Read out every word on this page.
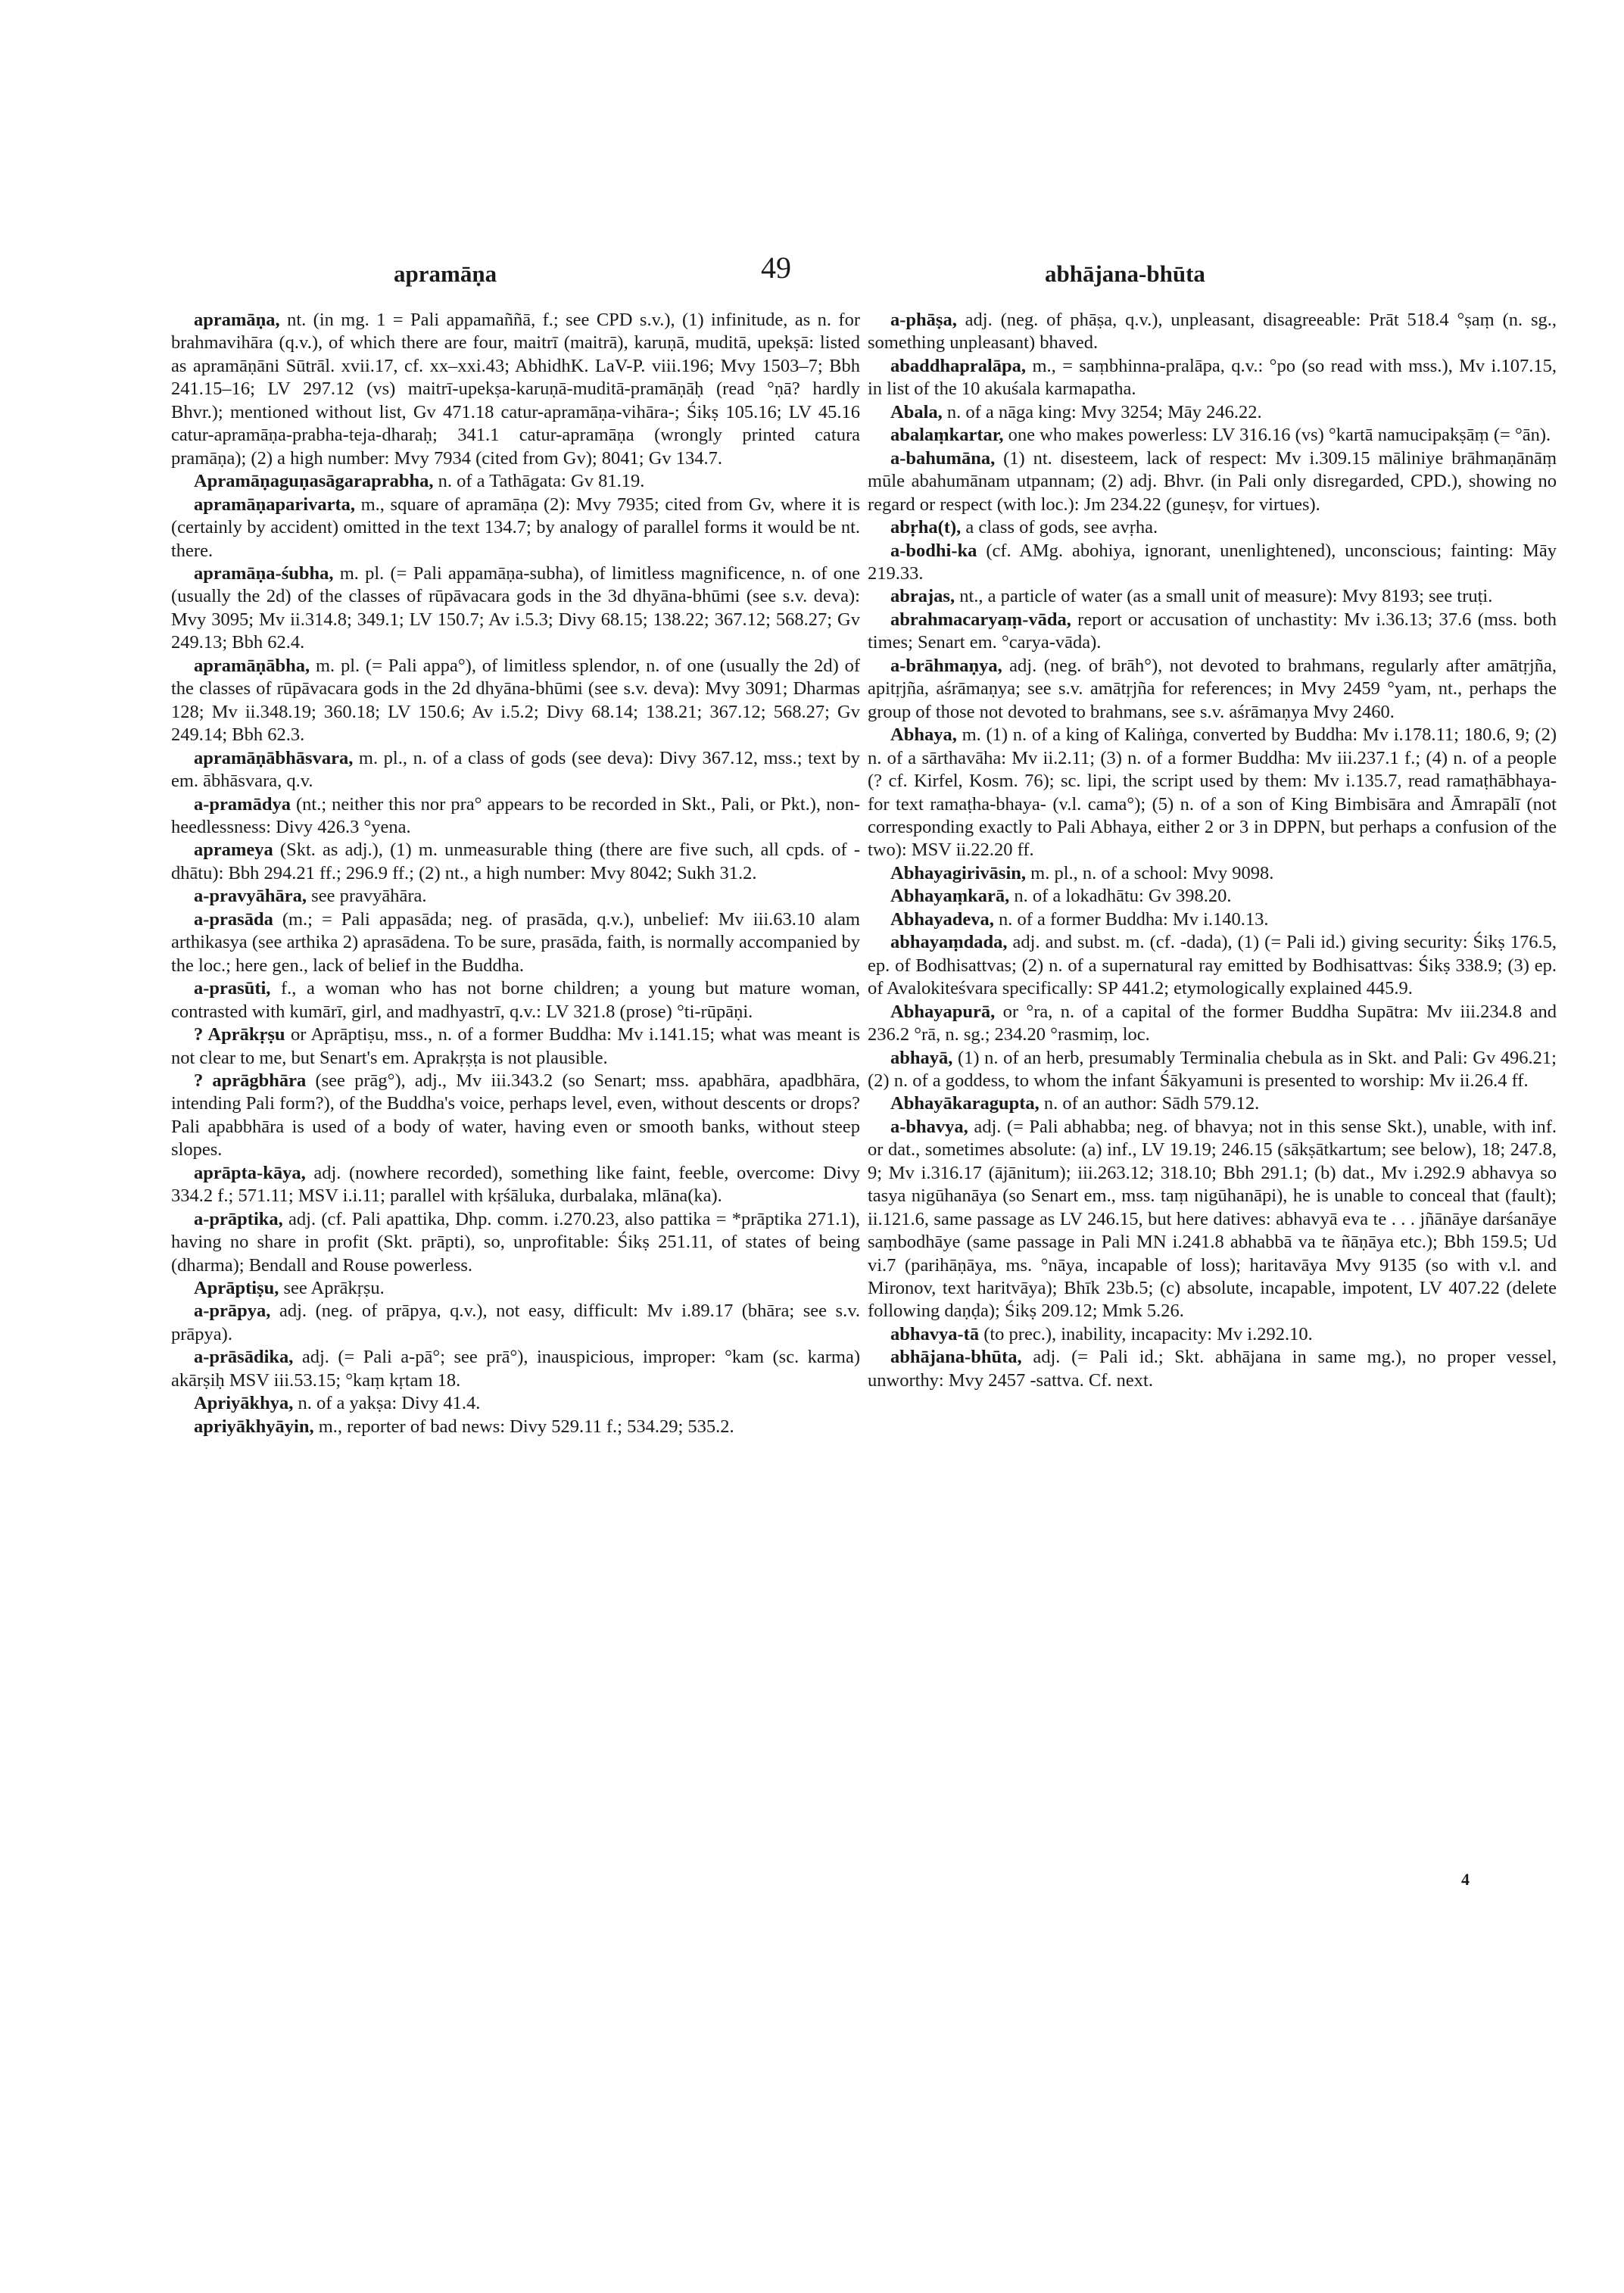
apramāṇa	49	abhājana-bhūta

apramāṇa, nt. (in mg. 1 = Pali appamaññā, f.; see CPD s.v.), (1) infinitude, as n. for brahmavihāra (q.v.), of which there are four, maitrī (maitrā), karuṇā, muditā, upekṣā: listed as apramāṇāni Sūtrāl. xvii.17, cf. xx–xxi.43; AbhidhK. LaV-P. viii.196; Mvy 1503–7; Bbh 241.15–16; LV 297.12 (vs) maitrī-upekṣa-karuṇā-muditā-pramāṇāḥ (read °ṇā? hardly Bhvr.); mentioned without list, Gv 471.18 catur-apramāṇa-vihāra-; Śikṣ 105.16; LV 45.16 catur-apramāṇa-prabha-teja-dharaḥ; 341.1 catur-apramāṇa (wrongly printed catura pramāṇa); (2) a high number: Mvy 7934 (cited from Gv); 8041; Gv 134.7.

Apramāṇaguṇasāgaraprabha, n. of a Tathāgata: Gv 81.19.

apramāṇaparivarta, m., square of apramāṇa (2): Mvy 7935; cited from Gv, where it is (certainly by accident) omitted in the text 134.7; by analogy of parallel forms it would be nt. there.

apramāṇa-śubha, m. pl. (= Pali appamāṇa-subha), of limitless magnificence, n. of one (usually the 2d) of the classes of rūpāvacara gods in the 3d dhyāna-bhūmi (see s.v. deva): Mvy 3095; Mv ii.314.8; 349.1; LV 150.7; Av i.5.3; Divy 68.15; 138.22; 367.12; 568.27; Gv 249.13; Bbh 62.4.

apramāṇābha, m. pl. (= Pali appa°), of limitless splendor, n. of one (usually the 2d) of the classes of rūpāvacara gods in the 2d dhyāna-bhūmi (see s.v. deva): Mvy 3091; Dharmas 128; Mv ii.348.19; 360.18; LV 150.6; Av i.5.2; Divy 68.14; 138.21; 367.12; 568.27; Gv 249.14; Bbh 62.3.

apramāṇābhāsvara, m. pl., n. of a class of gods (see deva): Divy 367.12, mss.; text by em. ābhāsvara, q.v.

a-pramādya (nt.; neither this nor pra° appears to be recorded in Skt., Pali, or Pkt.), non-heedlessness: Divy 426.3 °yena.

aprameya (Skt. as adj.), (1) m. unmeasurable thing (there are five such, all cpds. of -dhātu): Bbh 294.21 ff.; 296.9 ff.; (2) nt., a high number: Mvy 8042; Sukh 31.2.

a-pravyāhāra, see pravyāhāra.

a-prasāda (m.; = Pali appasāda; neg. of prasāda, q.v.), unbelief: Mv iii.63.10 alam arthikasya (see arthika 2) aprasādena. To be sure, prasāda, faith, is normally accompanied by the loc.; here gen., lack of belief in the Buddha.

a-prasūti, f., a woman who has not borne children; a young but mature woman, contrasted with kumārī, girl, and madhyastrī, q.v.: LV 321.8 (prose) °ti-rūpāṇi.

? Aprākṛṣu or Aprāptiṣu, mss., n. of a former Buddha: Mv i.141.15; what was meant is not clear to me, but Senart's em. Aprakṛṣṭa is not plausible.

? aprāgbhāra (see prāg°), adj., Mv iii.343.2 (so Senart; mss. apabhāra, apadbhāra, intending Pali form?), of the Buddha's voice, perhaps level, even, without descents or drops? Pali apabbhāra is used of a body of water, having even or smooth banks, without steep slopes.

aprāpta-kāya, adj. (nowhere recorded), something like faint, feeble, overcome: Divy 334.2 f.; 571.11; MSV i.i.11; parallel with kṛśāluka, durbalaka, mlāna(ka).

a-prāptika, adj. (cf. Pali apattika, Dhp. comm. i.270.23, also pattika = *prāptika 271.1), having no share in profit (Skt. prāpti), so, unprofitable: Śikṣ 251.11, of states of being (dharma); Bendall and Rouse powerless.

Aprāptiṣu, see Aprākṛṣu.

a-prāpya, adj. (neg. of prāpya, q.v.), not easy, difficult: Mv i.89.17 (bhāra; see s.v. prāpya).

a-prāsādika, adj. (= Pali a-pā°; see prā°), inauspicious, improper: °kam (sc. karma) akārṣiḥ MSV iii.53.15; °kaṃ kṛtam 18.

Apriyākhya, n. of a yakṣa: Divy 41.4.

apriyākhyāyin, m., reporter of bad news: Divy 529.11 f.; 534.29; 535.2.

a-phāṣa, adj. (neg. of phāṣa, q.v.), unpleasant, disagreeable: Prāt 518.4 °ṣaṃ (n. sg., something unpleasant) bhaved.

abaddhapralāpa, m., = saṃbhinna-pralāpa, q.v.: °po (so read with mss.), Mv i.107.15, in list of the 10 akuśala karmapatha.

Abala, n. of a nāga king: Mvy 3254; Māy 246.22.

abalaṃkartar, one who makes powerless: LV 316.16 (vs) °kartā namucipakṣāṃ (= °ān).

a-bahumāna, (1) nt. disesteem, lack of respect: Mv i.309.15 māliniye brāhmaṇānāṃ mūle abahumānam utpannam; (2) adj. Bhvr. (in Pali only disregarded, CPD.), showing no regard or respect (with loc.): Jm 234.22 (guneṣv, for virtues).

abṛha(t), a class of gods, see avṛha.

a-bodhi-ka (cf. AMg. abohiya, ignorant, unenlightened), unconscious; fainting: Māy 219.33.

abrajas, nt., a particle of water (as a small unit of measure): Mvy 8193; see truṭi.

abrahmacaryaṃ-vāda, report or accusation of unchastity: Mv i.36.13; 37.6 (mss. both times; Senart em. °carya-vāda).

a-brāhmaṇya, adj. (neg. of brāh°), not devoted to brahmans, regularly after amātṛjña, apitṛjña, aśrāmaṇya; see s.v. amātṛjña for references; in Mvy 2459 °yam, nt., perhaps the group of those not devoted to brahmans, see s.v. aśrāmaṇya Mvy 2460.

Abhaya, m. (1) n. of a king of Kaliṅga, converted by Buddha: Mv i.178.11; 180.6, 9; (2) n. of a sārthavāha: Mv ii.2.11; (3) n. of a former Buddha: Mv iii.237.1 f.; (4) n. of a people (? cf. Kirfel, Kosm. 76); sc. lipi, the script used by them: Mv i.135.7, read ramaṭhābhaya- for text ramaṭha-bhaya- (v.l. cama°); (5) n. of a son of King Bimbisāra and Āmrapālī (not corresponding exactly to Pali Abhaya, either 2 or 3 in DPPN, but perhaps a confusion of the two): MSV ii.22.20 ff.

Abhayagirivāsin, m. pl., n. of a school: Mvy 9098.

Abhayaṃkarā, n. of a lokadhātu: Gv 398.20.

Abhayadeva, n. of a former Buddha: Mv i.140.13.

abhayaṃdada, adj. and subst. m. (cf. -dada), (1) (= Pali id.) giving security: Śikṣ 176.5, ep. of Bodhisattvas; (2) n. of a supernatural ray emitted by Bodhisattvas: Śikṣ 338.9; (3) ep. of Avalokiteśvara specifically: SP 441.2; etymologically explained 445.9.

Abhayapurā, or °ra, n. of a capital of the former Buddha Supātra: Mv iii.234.8 and 236.2 °rā, n. sg.; 234.20 °rasmiṃ, loc.

abhayā, (1) n. of an herb, presumably Terminalia chebula as in Skt. and Pali: Gv 496.21; (2) n. of a goddess, to whom the infant Śākyamuni is presented to worship: Mv ii.26.4 ff.

Abhayākaragupta, n. of an author: Sādh 579.12.

a-bhavya, adj. (= Pali abhabba; neg. of bhavya; not in this sense Skt.), unable, with inf. or dat., sometimes absolute: (a) inf., LV 19.19; 246.15 (sākṣātkartum; see below), 18; 247.8, 9; Mv i.316.17 (ājānitum); iii.263.12; 318.10; Bbh 291.1; (b) dat., Mv i.292.9 abhavya so tasya nigūhanāya (so Senart em., mss. taṃ nigūhanāpi), he is unable to conceal that (fault); ii.121.6, same passage as LV 246.15, but here datives: abhavyā eva te . . . jñānāye darśanāye saṃbodhāye (same passage in Pali MN i.241.8 abhabbā va te ñāṇāya etc.); Bbh 159.5; Ud vi.7 (parihāṇāya, ms. °nāya, incapable of loss); haritavāya Mvy 9135 (so with v.l. and Mironov, text haritvāya); Bhīk 23b.5; (c) absolute, incapable, impotent, LV 407.22 (delete following daṇḍa); Śikṣ 209.12; Mmk 5.26.

abhavya-tā (to prec.), inability, incapacity: Mv i.292.10.

abhājana-bhūta, adj. (= Pali id.; Skt. abhājana in same mg.), no proper vessel, unworthy: Mvy 2457 -sattva. Cf. next.

4
